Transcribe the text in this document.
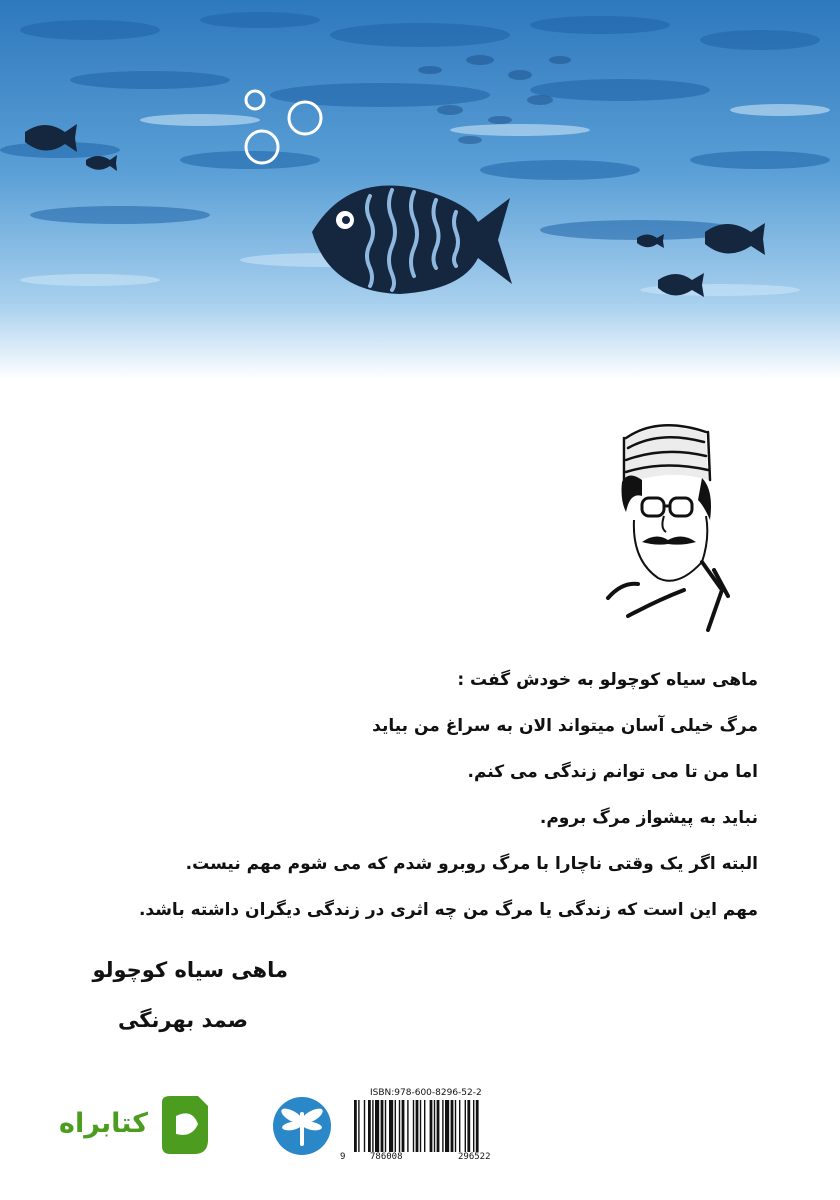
ماهی سیاه کوچولو به خودش گفت :
مرگ خیلی آسان میتواند الان به سراغ من بیاید
اما من تا می توانم زندگی می کنم.
نباید به پیشواز مرگ بروم.
البته اگر یک وقتی ناچارا با مرگ روبرو شدم که می شوم مهم نیست.
مهم این است که زندگی یا مرگ من چه اثری در زندگی دیگران داشته باشد.
ماهی سیاه کوچولو
صمد بهرنگی
کتابراه
ISBN:978-600-8296-52-2
9	786008	296522
